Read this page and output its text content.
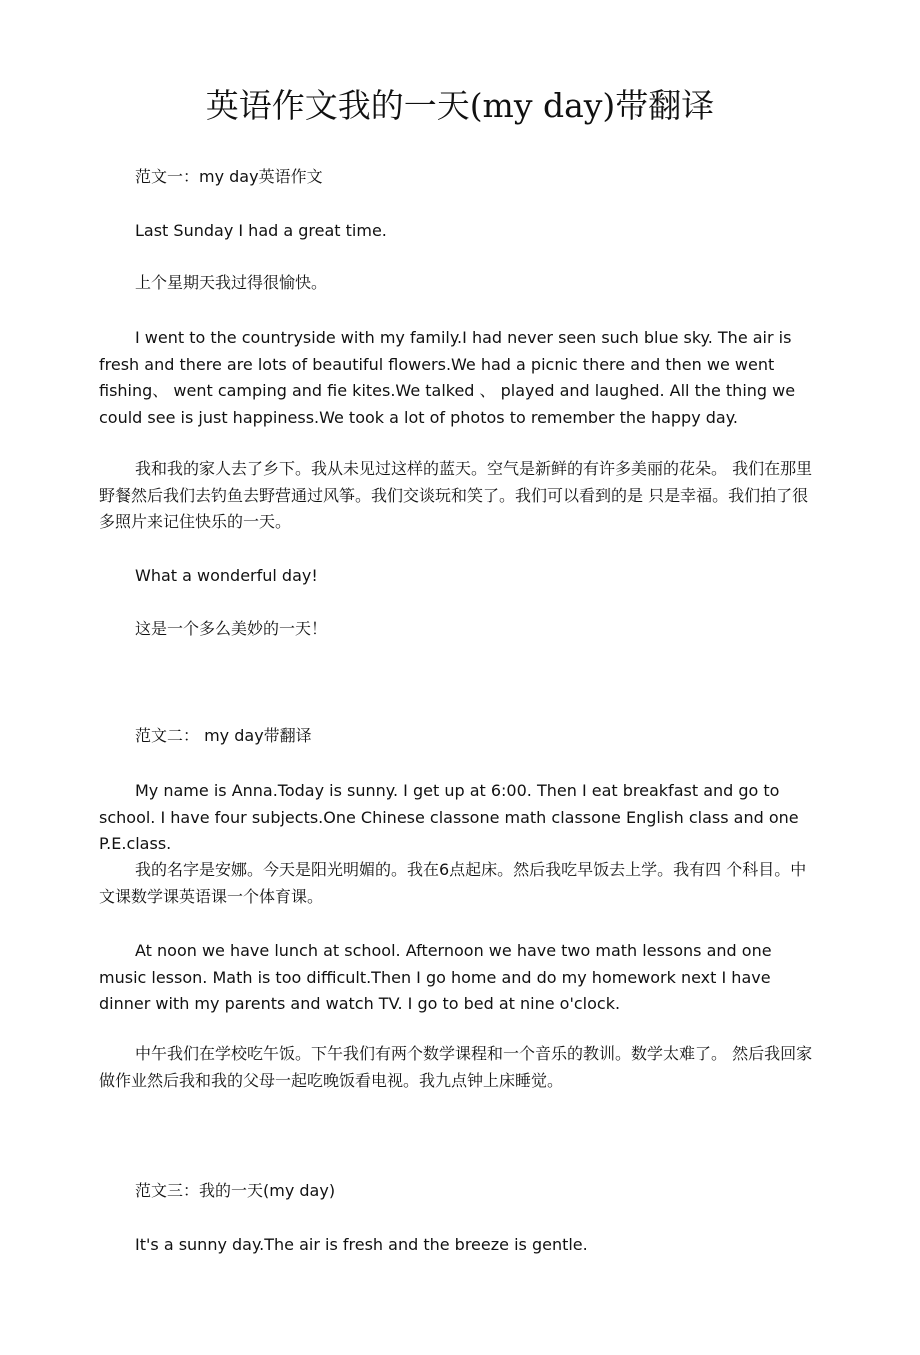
英语作文我的一天(my day)带翻译
范文一：my day英语作文
Last Sunday I had a great time.
上个星期天我过得很愉快。
I went to the countryside with my family.I had never seen such blue sky. The air is fresh and there are lots of beautiful flowers.We had a picnic there and then we went fishing、 went camping and fie kites.We talked 、 played and laughed. All the thing we could see is just happiness.We took a lot of photos to remember the happy day.
我和我的家人去了乡下。我从未见过这样的蓝天。空气是新鲜的有许多美丽的花朵。 我们在那里野餐然后我们去钓鱼去野营通过风筝。我们交谈玩和笑了。我们可以看到的是 只是幸福。我们拍了很多照片来记住快乐的一天。
What a wonderful day!
这是一个多么美妙的一天！
范文二： my day带翻译
My name is Anna.Today is sunny. I get up at 6:00. Then I eat breakfast and go to school. I have four subjects.One Chinese classone math classone English class and one P.E.class.
我的名字是安娜。今天是阳光明媚的。我在6点起床。然后我吃早饭去上学。我有四 个科目。中文课数学课英语课一个体育课。
At noon we have lunch at school. Afternoon we have two math lessons and one music lesson. Math is too difficult.Then I go home and do my homework next I have dinner with my parents and watch TV. I go to bed at nine o'clock.
中午我们在学校吃午饭。下午我们有两个数学课程和一个音乐的教训。数学太难了。 然后我回家做作业然后我和我的父母一起吃晚饭看电视。我九点钟上床睡觉。
范文三：我的一天(my day)
It's a sunny day.The air is fresh and the breeze is gentle.
